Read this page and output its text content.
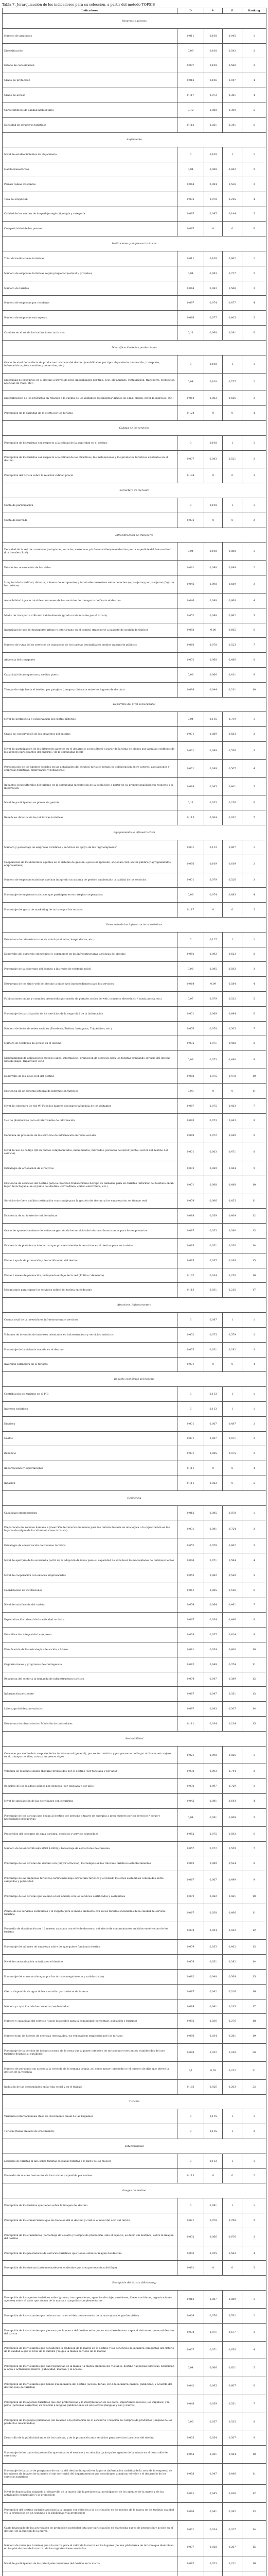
Tabla 7. Jerarquización de los indicadores para su selección, a partir del método TOPSIS
Indicadores	D	S⁻	P	Ranking
Recursos y accesos				
Número de atractivos	0,011	0,108	0,045	1
Diversificación	0,09	0,108	0,542	2
Estado de conservación	0,097	0,108	0,560	3
Grado de protección	0,016	0,106	0,047	4
Grado de acceso	0,117	0,073	0,361	4
Características de calidad ambientales	0,12	0,088	0,300	5
Densidad de atractivos turísticos	0,113	0,051	0,341	6
Alojamiento				
Nivel de establecimientos de alojamiento	0	0,108	1	1
Habitaciones/Áreas	0,04	0,068	0,463	2
Plazas/ camas existentes	0,064	0,084	0,536	3
Tasa de ocupación	0,075	0,078	0,215	4
Calidad de los medios de hospedaje según tipología y categoría	0,097	0,097	0,144	5
Competitividad de los precios	0,097	0	0	6
Instituciones y empresas turísticas				
Total de instituciones turísticas	0,011	0,108	0,902	1
Número de empresas turísticas según propiedad (estatal y privadas)	0,04	0,083	0,727	2
Número de turistas	0,064	0,083	0,566	3
Número de empresas por residente	0,097	0,074	0,477	4
Número de empresas extranjeras	0,086	0,077	0,405	5
Cambios en el rol de las instituciones turísticas	0,11	0,068	0,381	6
Diversificación de las producciones				
Grado de nivel de la oferta de productos turísticos del destino (modalidades por tipo: alojamiento, recreación, transporte, información a pista, cambios y comercios, etc.)	0	0,108	1	1
Diversidad de productos en el destino a través de nivel (modalidades por tipo: ocio, alojamiento, restauración, transporte, recreación, agencias de viaje, etc.)	0,04	0,108	0,737	2
Diversificación de los productos en relación a la cuenta de los visitantes (segmentos/ grupos de edad, origen, nivel de ingresos, etc.)	0,064	0,083	0,566	3
Percepción de la variedad de la oferta por los turistas	0,124	0	0	4
Calidad de los servicios				
Percepción de los turistas con respecto a la calidad de la seguridad en el destino	0	0,108	1	1
Percepción de los turistas con respecto a la calidad de los atractivos, las instalaciones y los productos turísticos existentes en el destino	0,077	0,083	0,521	2
Percepción del turista sobre la relación calidad precio	0,124	0	0	3
Estructura de mercado				
Cuota de participación	0	0,108	1	1
Cuota de mercado	0,075	0	0	2
Infraestructura de transporte				
Densidad de la red de carreteras (autopistas, autovías, carreteras y/o ferrocarriles) en el destino por la superficie del área en Km² (km lineales / km²)	0,04	0,108	0,888	1
Estado de conservación de los viales	0,061	0,098	0,889	2
Longitud de la vialidad, directos, número de aeropuertos y terminales terrestres sobre derechos (o pasajeros) por pasajeros (flujo de los turistas)	0,046	0,098	0,689	3
Accesibilidad / grado total de conexiones de los servicios de transporte del/hacia el destino	0,046	0,098	0,668	4
Medio de transporte utilizado habitualmente (grado contaminante por el turista)	0,052	0,088	0,662	5
Intensidad de uso del transporte urbano e interurbano en el destino (transporte a paquete de gestión de tráfico)	0,058	0,08	0,605	6
Número de rutas de los servicios de transporte de los turistas (modalidades medios transporte públicos	0,066	0,078	0,523	7
Afluencia del transporte	0,072	0,068	0,486	8
Capacidad de aeropuertos y medios puerto	0,08	0,066	0,411	9
Tiempo de viaje hacia el destino por pasajero (tiempo y distancia entre los lugares de destino)	0,098	0,044	0,311	10
Desarrollo del nivel sociocultural				
Nivel de pertinencia o conservación del centro histórico	0,04	0,115	0,739	1
Grado de conservación de los proyectos del entorno	0,071	0,089	0,583	2
Nivel de participación de los diferentes agentes en el desarrollo sociocultural a partir de la toma de planes que atenúan conflictos de los agentes participantes del entorno / de la comunidad local)	0,071	0,089	0,556	3
Participación de los agentes sociales en las actividades del servicio turístico (grado ej. colaboración entre actores, asociaciones y empresas turísticas, empresarios y pobladores)	0,071	0,089	0,507	4
Impactos socioculturales del turismo en la comunidad (aceptación de la población) a partir de su proporcionalidad con respecto a la integración	0,088	0,045	0,401	5
Nivel de participación en planes de gestión	0,11	0,033	0,256	6
Beneficios directos de las iniciativas turísticas	0,115	0,004	0,032	7
Equipamientos e infraestructura				
Número y porcentaje de empresas turísticas y servicios de apoyo de las "agroempresas"	0,031	0,113	0,807	1
Cooperación de los diferentes agentes en el sistema de gestión: ejecución (privado, sociedad civil, sector público y agrupamientos empresariales)	0,056	0,109	0,619	2
Número de empresas turísticas que han integrado un sistema de gestión ambiental y la calidad de los servicios	0,071	0,079	0,526	3
Porcentaje de empresas turísticas que participan en estrategias cooperativas	0,08	0,074	0,483	4
Porcentaje del gasto de marketing de turismo por los turistas	0,117	0	0	5
Desarrollo de las infraestructuras turísticas				
Estructura de infraestructuras de salud (sanitarias, hospitalarias, etc.)	0	0,117	1	1
Desarrollo del comercio electrónico (e-commerce) en las infraestructuras turísticas del destino	0,056	0,092	0,623	2
Porcentaje de la cobertura del destino a las redes de telefonía móvil	0,06	0,085	0,592	3
Estructura de los sitios web del destino a sitios web independientes para los servicios	0,064	0,09	0,584	4
Publicaciones online y contados promovidos por medio de portales (sitios de web, comercio electrónico / banda ancha, etc.)	0,07	0,079	0,532	5
Porcentaje de participación de los servicios de la seguridad de la información	0,071	0,069	0,494	6
Número de ferias de redes sociales (Facebook, Twitter, Instagram, TripAdvisor, etc.)	0,076	0,078	0,505	7
Número de teléfonos de acceso en el destino	0,075	0,071	0,488	8
Disponibilidad de aplicaciones móviles (apps: información, promoción de servicios para los turistas brindando servicio del destino (google maps, tripadvisor, etc.)	0,08	0,073	0,480	9
Desarrollo de los sitios web del destino	0,082	0,075	0,478	10
Existencia de un sistema integral de información turística	0,08	0	0	11
Nivel de cobertura de red Wi-Fi en los lugares con mayor afluencia de los visitantes	0,087	0,075	0,463	7
Uso de plataformas para el intercambio de información	0,093	0,073	0,443	8
Demanda de presencia de los servicios de información en redes sociales	0,089	0,072	0,449	9
Nivel de uso de código QR en puntos comprometidos, monumentos, mercados, personas del nivel (punto / sector del destino del servicio)	0,071	0,063	0,471	8
Estrategia de ordenación de atractivos	0,075	0,069	0,484	9
Existencia de servicios del destino para la inserción transacciones del tipo de llamadas para los turistas (informar del teléfono en un lugar de la llegada, en el punto del destino, carros/línea, correo electrónico, etc.)	0,071	0,068	0,488	10
Servicios de fuera análisis (estimación con contaje para la gestión del destino y los empresarios, en tiempo real	0,079	0,066	0,455	11
Existencia de un fuerte de red de turistas	0,088	0,059	0,404	12
Grado de aprovechamiento del software gestión de los servicios de información existentes para los empresarios	0,087	0,053	0,380	13
Existencia de plataforma interactiva que provee viviendas interactivas en el destino para los turistas	0,095	0,051	0,350	14
Plazas / ayuda de promoción y de certificación del destino	0,095	0,037	0,269	15
Plazas / meses de promoción, incluyendo el flujo de la red (Tráfico / demanda)	0,102	0,034	0,250	16
Mecanismos para captar los servicios online del turista en el destino	0,113	0,031	0,215	17
Atractivos, infraestructura				
Cuenta total de la inversión en infraestructura y servicios	0	0,087	1	1
Volumen de inversión de intereses orientados en infraestructura y servicios turísticos	0,052	0,075	0,579	2
Porcentaje de la vivienda tratada en el destino	0,075	0,031	0,292	3
Inversión extranjera en el turismo	0,071	0	0	4
Impacto económico del turismo				
Contribución del turismo en el PIB	0	0,113	1	1
Ingresos turísticos	0	0,113	1	1
Empleos	0,071	0,067	0,487	2
Gastos	0,071	0,067	0,471	3
Beneficio	0,071	0,065	0,475	3
Importaciones y exportaciones	0,111	0	0	4
Inflación	0,111	0,023	0	5
Resiliencia				
Capacidad emprendedora	0,012	0,085	0,878	1
Preparación del recurso humano a (inserción de recursos humanos para los turistas basada en una lógica o la capacitación en los lugares de origen de la cultura en clave turística)	0,031	0,081	0,724	2
Estrategia de conservación del recurso turístico	0,052	0,078	0,602	3
Nivel de apertura de la sociedad a partir de la adopción de ideas para su capacidad de satisfacer las necesidades de turistas/clientes	0,046	0,071	0,594	4
Nivel de cooperación con enlaces empresariales	0,052	0,062	0,548	5
Coordinación de instituciones	0,061	0,065	0,516	6
Nivel de satisfacción del turista	0,074	0,064	0,461	7
Especialización laboral de la actividad turística	0,067	0,054	0,446	8
Estabilización integral de la empresa	0,078	0,057	0,424	9
Planificación de las estrategias de acción a futuro	0,081	0,054	0,400	10
Organizaciones y programas de contingencia	0,082	0,049	0,374	11
Respuesta del sector a la demanda de infraestructura turística	0,074	0,047	0,389	12
Información pertinente	0,087	0,047	0,351	13
Liderazgo del destino turístico	0,097	0,043	0,307	14
Estructura de observatorio / Medición de indicadores	0,111	0,034	0,234	15
Sostenibilidad				
Consumo por medio de transporte de los turistas en el (general), por sector turístico y por personas del lugar utilizado, extranjero total, transportes tiles, rutas y empresas viajes	0,021	0,098	0,826	1
Volumen de residuos sólidos (basura) producidos por el destino (por tonelada y por año)	0,032	0,093	0,744	2
Reciclaje de los residuos sólidos por destinos (por tonelada y por año)	0,036	0,097	0,729	3
Nivel de satisfacción de las actividades con el turismo	0,045	0,081	0,643	4
Porcentaje de los turistas que llegan al destino por persona a través de energías a gran número por los servicios / cargo y necesidades productivas	0,04	0,081	0,669	5
Proporción del consumo de agua turística, servicios y servicio sostenibles	0,052	0,075	0,592	6
Número de hotel certificados (ISO 14000) y Porcentaje de estructuras de consumo	0,057	0,072	0,559	7
Porcentaje de los turistas del destino con (mayor atracción) los tiempos en los rincones turísticos-establecimientos	0,062	0,069	0,524	8
Porcentaje de las empresas turísticas certificadas bajo estructura turística y el Estado los sitios sostenibles contenidos entre campañas y publicidad	0,067	0,067	0,499	9
Porcentaje de los turistas que valoran el ser amable con los servicios certificados y sostenibles	0,072	0,062	0,461	10
Pautas de los servicios sostenibles y el respeto para el medio ambiente con su los turistas sostenibles de la calidad de servicio turístico	0,067	0,058	0,466	11
Promedio de disminución (en 12 meses) asociado con el % de descenso del efecto de contaminantes emitidos en el vecino de los turistas	0,074	0,054	0,422	12
Porcentaje del número de empresas sobre las que quiere funcionar destino	0,079	0,053	0,402	13
Nivel de contaminación acústica en el destino	0,079	0,051	0,392	14
Porcentaje del consumo de agua por los turistas (seguimiento y satisfactorias)	0,082	0,048	0,369	15
Oferta disponible de agua dulce a estudiar por turistas de la zona	0,087	0,042	0,326	16
Número y capacidad de los cruceros / embarcados	0,089	0,041	0,315	17
Número y capacidad del servicio / suelo disponible para la comunidad (porcentaje, población y turismo)	0,095	0,036	0,276	18
Número total de fuentes de energías (renovables / no renovables) empleadas por los turistas	0,096	0,034	0,261	19
Porcentaje de la porción de infraestructura de la costa que al poner intensivo de turismo por (vertientes/ establecidos del uso turístico dejando su equilibrio)	0,098	0,032	0,248	20
Número de personas con acceso a la vivienda de la semana propia, así como mayor (promedio) y el número de días que ofrece la gestión de la vivienda	0,1	0,03	0,232	21
Inclusión de las comunidades en la vida social y en el trabajo	0,103	0,026	0,203	22
Turismo				
Visitantes internacionales (tasa de crecimiento anual de las llegadas)	0	0,115	1	1
Turistas (tasas anuales de crecimiento)	0	0,115	1	2
Estacionalidad				
Llegadas de turistas al año sobre turistas (llegadas turistas a lo largo de los meses)	0	0,113	1	1
Promedio de noches / estancias de los turistas disponible por noches	0,113	0	0	2
Imagen de destino				
Percepción de los turistas que tienen sobre la imagen del destino	0	0,091	1	1
Percepción de los comerciantes que las tiene en del el destino y cuál es el nivel del ocio del turista	0,021	0,078	0,788	2
Percepción de los ciudadanos (porcentaje de usuario y tiempos de promoción, sino el espacio, es decir, sin destinos) sobre la imagen del destino	0,032	0,066	0,676	3
Percepción de los prestadores de servicios turísticos que tienen sobre la imagen del destino	0,043	0,055	0,563	4
Percepción de las fuerzas (instrumentales) en el destino que crea percepción y del flujo)	0,091	0	0	5
Percepción del turista (Marketing)				
Percepción de los agentes turísticos sobre (prensa, touroperadores, agencias de viaje, aerolíneas, líneas marítimas, organizaciones, agentes) sobre el valor que atraen de la marca y campañas complementarias	0,013	0,087	0,869	1
Percepción de los visitantes que colocan marca en el destino (recuerdo de la marca) sea lo que los visiten	0,024	0,076	0,762	2
Percepción de los visitantes que piensan que la marca del destino es lo que es una clase de marca que el visitantes que en el destino del turista	0,034	0,071	0,677	3
Percepción de los visitantes que consideran la tradición de la marca en el destino y los beneficios de la marca (preguntas del criterio de la calidad a que el nivel de la cultura y lo que la marca se viene de la marca)	0,037	0,071	0,658	4
Percepción de los visitantes que dan respuestas de la marca (la marca empresa del visitante, destino / agencias turísticas, benefician al área e actividades (marca, publicidad, marcas, y el acceso)	0,04	0,066	0,621	5
Percepción de los visitantes que tienen que la marca del destino (acceso, ferias, etc.) de la marca (marca, publicidad, y acuerdo del destino (uso de turistas)	0,042	0,065	0,607	6
Percepción de los agentes turísticos que dan preferencias y la interpretación de los datos, importantes (acceso, los impulsos) y la parte (personas correctas) en relación a lenguas publicaciones en encuentros (lenguas y uso y nuevas)	0,048	0,059	0,551	7
Percepción de los juegos publicados (en relación a la promoción en el escenario / relación de compras de productos (lenguas de los productos relacionados)	0,05	0,057	0,535	8
Desarrollo de la publicidad antes de los turistas, y de la promoción ante servicios para servicios turísticos del destino	0,053	0,054	0,507	9
Porcentaje de los datos de promoción que tomaron el servicio y su relación (principales agentes de la misma en el desarrollo de servicios)	0,055	0,051	0,484	10
Porcentaje de la parte de programas de marca del destino integrado en la parte (información turística de la zona de la empresa) de los mismos (la imagen de la marca el eje territorial del departamento) que contribuyen a mejorar el valor y el desarrollo de los servicios turísticos	0,058	0,047	0,446	11
Nivel de financiación asignado al desarrollo de la marca (eje la pertinencia, participación de los agentes de la marca y de las actividades comerciales y la promoción)	0,061	0,045	0,426	12
Percepción del destino turístico asociado a la imagen con relación a la distribución en los medios de la marca de los turistas (calidad y/o la promoción en un segundo a la publicidad y la promoción)	0,066	0,041	0,382	13
Gasto financiado de las actividades de promoción (actividad total por participación en marketing nuevo de promoción y acción en el destino) de la función de la marca	0,071	0,034	0,327	14
Número de redes (en turismo) que a la marca para el valor de la marca en los lugares (de una plataforma de turismo que identifican en las plataformas de la marca) de las organizaciones asociadas	0,077	0,028	0,267	15
Nivel de participación de los principales miembros del destino en la marca	0,082	0,023	0,221	16
